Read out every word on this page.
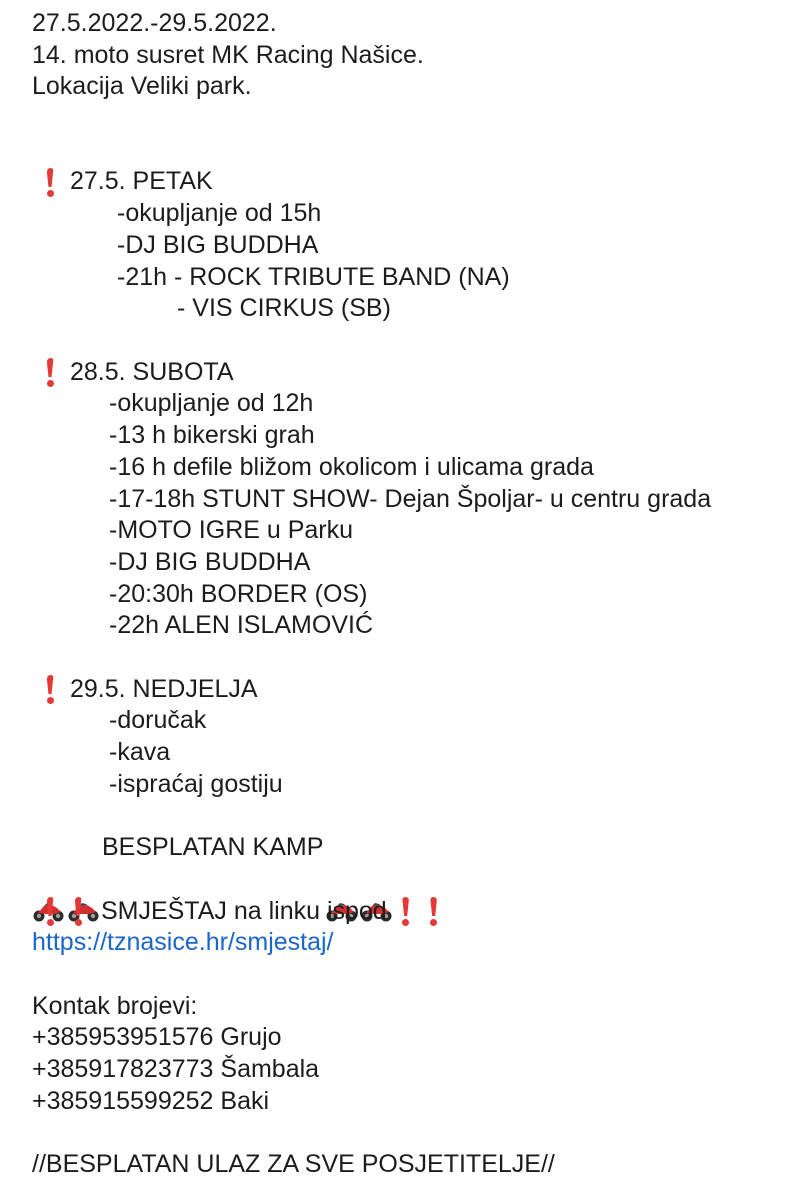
27.5.2022.-29.5.2022.
14. moto susret MK Racing Našice.
Lokacija Veliki park.
27.5. PETAK
-okupljanje od 15h
-DJ BIG BUDDHA
-21h - ROCK TRIBUTE BAND (NA)
- VIS CIRKUS (SB)
28.5. SUBOTA
-okupljanje od 12h
-13 h bikerski grah
-16 h defile bližom okolicom i ulicama grada
-17-18h STUNT SHOW- Dejan Špoljar- u centru grada
-MOTO IGRE u Parku
-DJ BIG BUDDHA
-20:30h BORDER (OS)
-22h ALEN ISLAMOVIĆ
29.5. NEDJELJA
-doručak
-kava
-ispraćaj gostiju

BESPLATAN KAMP

SMJEŠTAJ na linku ispod
https://tznasice.hr/smjestaj/
Kontak brojevi:
+385953951576 Grujo
+385917823773 Šambala
+385915599252 Baki
//BESPLATAN ULAZ ZA SVE POSJETITELJE//
